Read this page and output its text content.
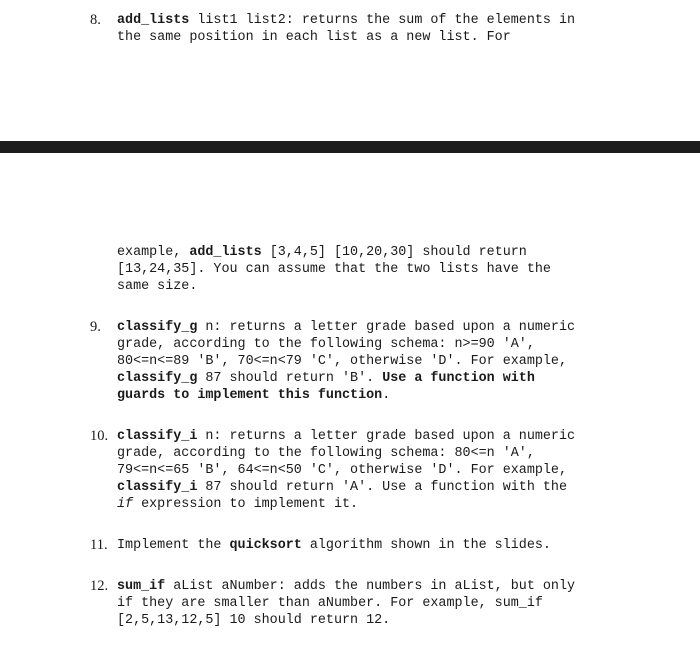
8.	add_lists list1 list2: returns the sum of the elements in
the same position in each list as a new list. For
example, add_lists [3,4,5] [10,20,30] should return
[13,24,35]. You can assume that the two lists have the
same size.
9.	classify_g n: returns a letter grade based upon a numeric
grade, according to the following schema: n>=90 'A',
80<=n<=89 'B', 70<=n<79 'C', otherwise 'D'. For example,
classify_g 87 should return 'B'. Use a function with
guards to implement this function.
10. classify_i n: returns a letter grade based upon a numeric
grade, according to the following schema: 80<=n 'A',
79<=n<=65 'B', 64<=n<50 'C', otherwise 'D'. For example,
classify_i 87 should return 'A'. Use a function with the
if expression to implement it.
11. Implement the quicksort algorithm shown in the slides.
12. sum_if aList aNumber: adds the numbers in aList, but only
if they are smaller than aNumber. For example, sum_if
[2,5,13,12,5] 10 should return 12.
